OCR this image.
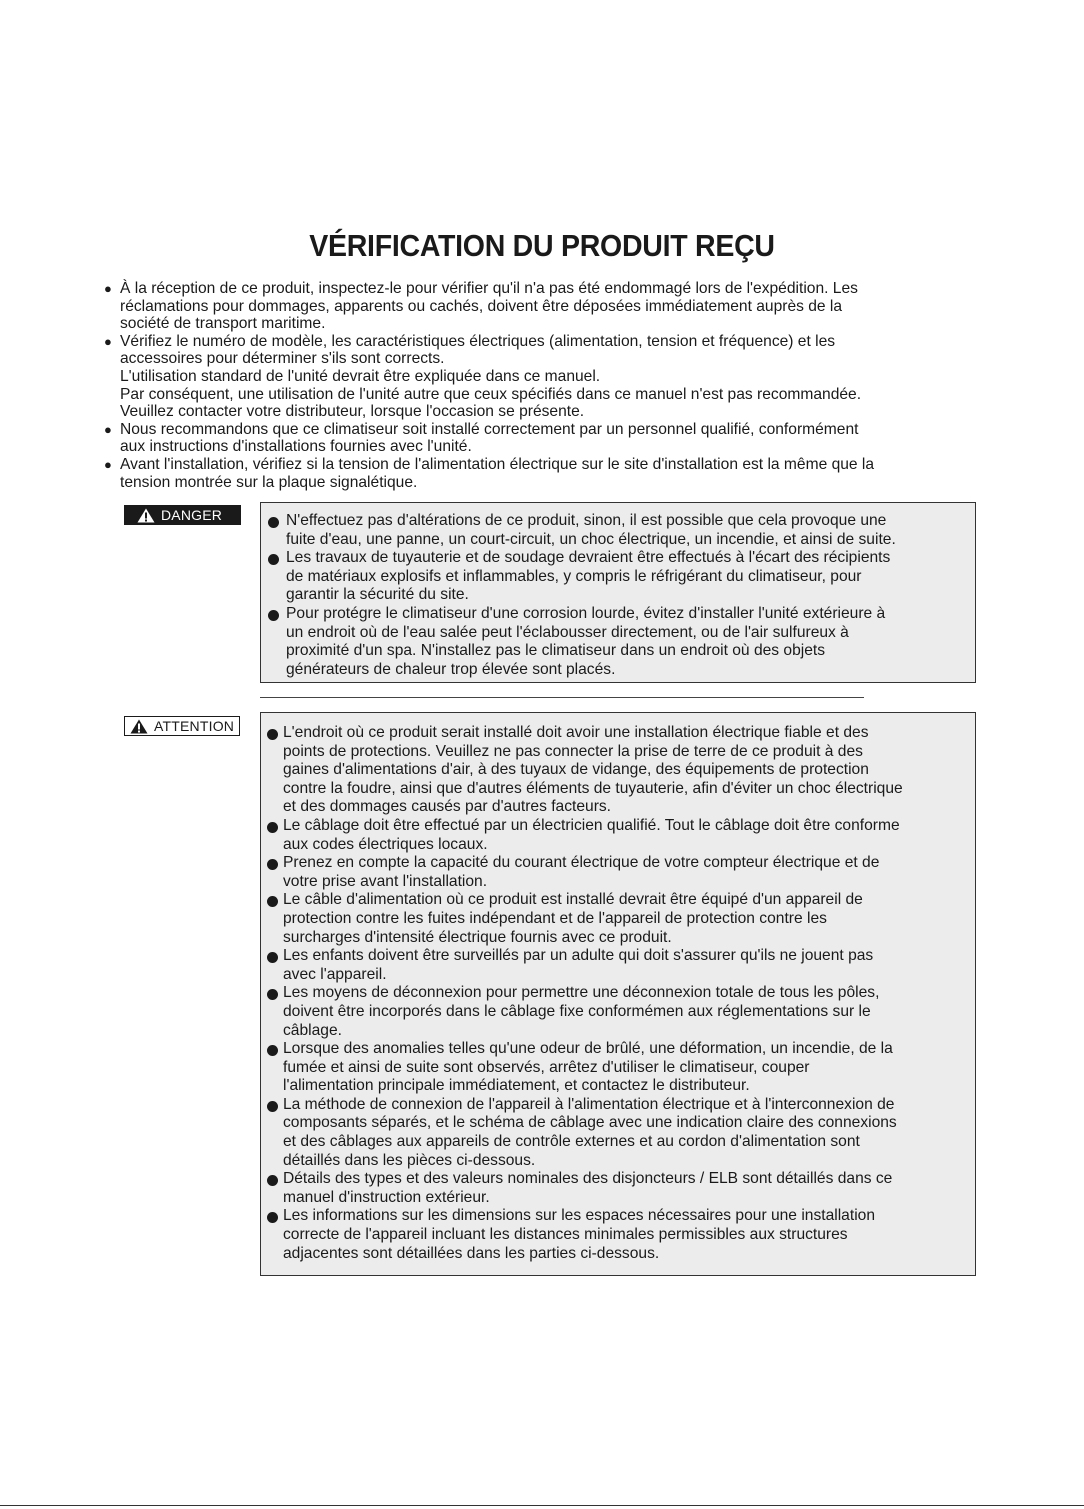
VÉRIFICATION DU PRODUIT REÇU
● À la réception de ce produit, inspectez-le pour vérifier qu'il n'a pas été endommagé lors de l'expédition. Les
réclamations pour dommages, apparents ou cachés, doivent être déposées immédiatement auprès de la
société de transport maritime.
● Vérifiez le numéro de modèle, les caractéristiques électriques (alimentation, tension et fréquence) et les
accessoires pour déterminer s'ils sont corrects.
L'utilisation standard de l'unité devrait être expliquée dans ce manuel.
Par conséquent, une utilisation de l'unité autre que ceux spécifiés dans ce manuel n'est pas recommandée.
Veuillez contacter votre distributeur, lorsque l'occasion se présente.
● Nous recommandons que ce climatiseur soit installé correctement par un personnel qualifié, conformément
aux instructions d'installations fournies avec l'unité.
● Avant l'installation, vérifiez si la tension de l'alimentation électrique sur le site d'installation est la même que la
tension montrée sur la plaque signalétique.
DANGER	N'effectuez pas d'altérations de ce produit, sinon, il est possible que cela provoque une
fuite d'eau, une panne, un court-circuit, un choc électrique, un incendie, et ainsi de suite.
Les travaux de tuyauterie et de soudage devraient être effectués à l'écart des récipients
de matériaux explosifs et inflammables, y compris le réfrigérant du climatiseur, pour
garantir la sécurité du site.
Pour protégre le climatiseur d'une corrosion lourde, évitez d'installer l'unité extérieure à
un endroit où de l'eau salée peut l'éclabousser directement, ou de l'air sulfureux à
proximité d'un spa. N'installez pas le climatiseur dans un endroit où des objets
générateurs de chaleur trop élevée sont placés.
ATTENTION	L'endroit où ce produit serait installé doit avoir une installation électrique fiable et des
points de protections. Veuillez ne pas connecter la prise de terre de ce produit à des
gaines d'alimentations d'air, à des tuyaux de vidange, des équipements de protection
contre la foudre, ainsi que d'autres éléments de tuyauterie, afin d'éviter un choc électrique
et des dommages causés par d'autres facteurs.
Le câblage doit être effectué par un électricien qualifié. Tout le câblage doit être conforme
aux codes électriques locaux.
Prenez en compte la capacité du courant électrique de votre compteur électrique et de
votre prise avant l'installation.
Le câble d'alimentation où ce produit est installé devrait être équipé d'un appareil de
protection contre les fuites indépendant et de l'appareil de protection contre les
surcharges d'intensité électrique fournis avec ce produit.
Les enfants doivent être surveillés par un adulte qui doit s'assurer qu'ils ne jouent pas
avec l'appareil.
Les moyens de déconnexion pour permettre une déconnexion totale de tous les pôles,
doivent être incorporés dans le câblage fixe conformémen aux réglementations sur le
câblage.
Lorsque des anomalies telles qu'une odeur de brûlé, une déformation, un incendie, de la
fumée et ainsi de suite sont observés, arrêtez d'utiliser le climatiseur, couper
l'alimentation principale immédiatement, et contactez le distributeur.
La méthode de connexion de l'appareil à l'alimentation électrique et à l'interconnexion de
composants séparés, et le schéma de câblage avec une indication claire des connexions
et des câblages aux appareils de contrôle externes et au cordon d'alimentation sont
détaillés dans les pièces ci-dessous.
Détails des types et des valeurs nominales des disjoncteurs / ELB sont détaillés dans ce
manuel d'instruction extérieur.
Les informations sur les dimensions sur les espaces nécessaires pour une installation
correcte de l'appareil incluant les distances minimales permissibles aux structures
adjacentes sont détaillées dans les parties ci-dessous.
